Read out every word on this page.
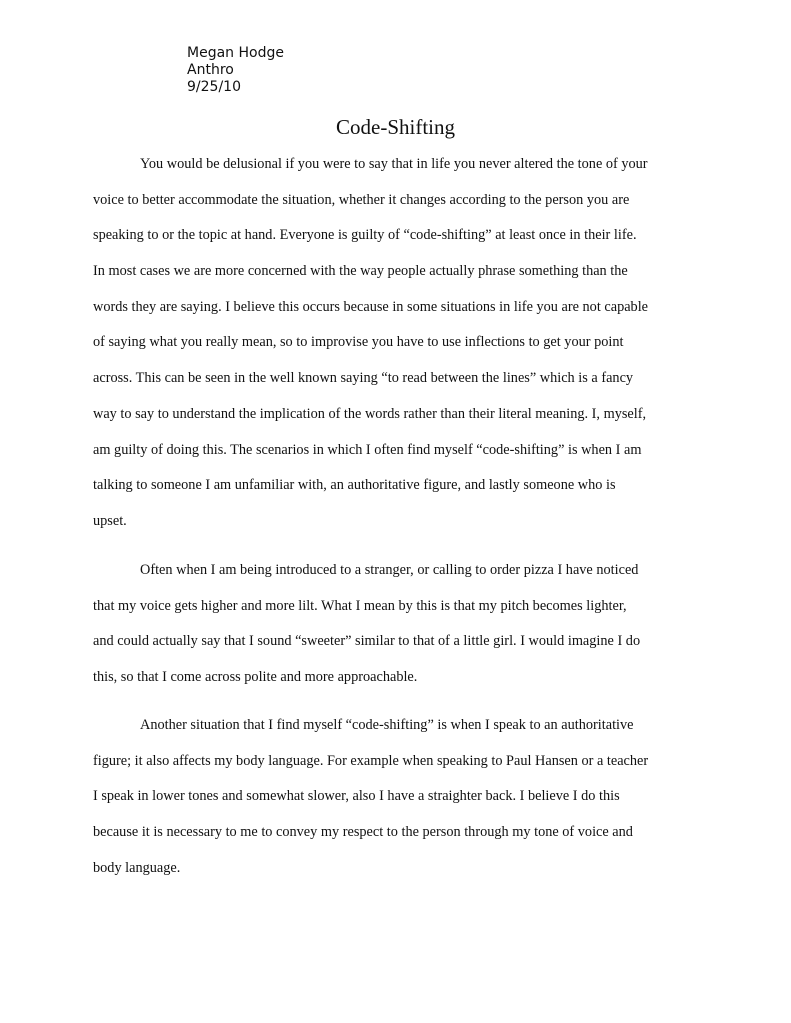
Megan Hodge
Anthro
9/25/10
Code-Shifting

You would be delusional if you were to say that in life you never altered the tone of your
voice to better accommodate the situation, whether it changes according to the person you are
speaking to or the topic at hand. Everyone is guilty of “code-shifting” at least once in their life.
In most cases we are more concerned with the way people actually phrase something than the
words they are saying. I believe this occurs because in some situations in life you are not capable
of saying what you really mean, so to improvise you have to use inflections to get your point
across. This can be seen in the well known saying “to read between the lines” which is a fancy
way to say to understand the implication of the words rather than their literal meaning. I, myself,
am guilty of doing this. The scenarios in which I often find myself “code-shifting” is when I am
talking to someone I am unfamiliar with, an authoritative figure, and lastly someone who is
upset.

Often when I am being introduced to a stranger, or calling to order pizza I have noticed
that my voice gets higher and more lilt. What I mean by this is that my pitch becomes lighter,
and could actually say that I sound “sweeter” similar to that of a little girl. I would imagine I do
this, so that I come across polite and more approachable.

Another situation that I find myself “code-shifting” is when I speak to an authoritative
figure; it also affects my body language. For example when speaking to Paul Hansen or a teacher
I speak in lower tones and somewhat slower, also I have a straighter back. I believe I do this
because it is necessary to me to convey my respect to the person through my tone of voice and
body language.
